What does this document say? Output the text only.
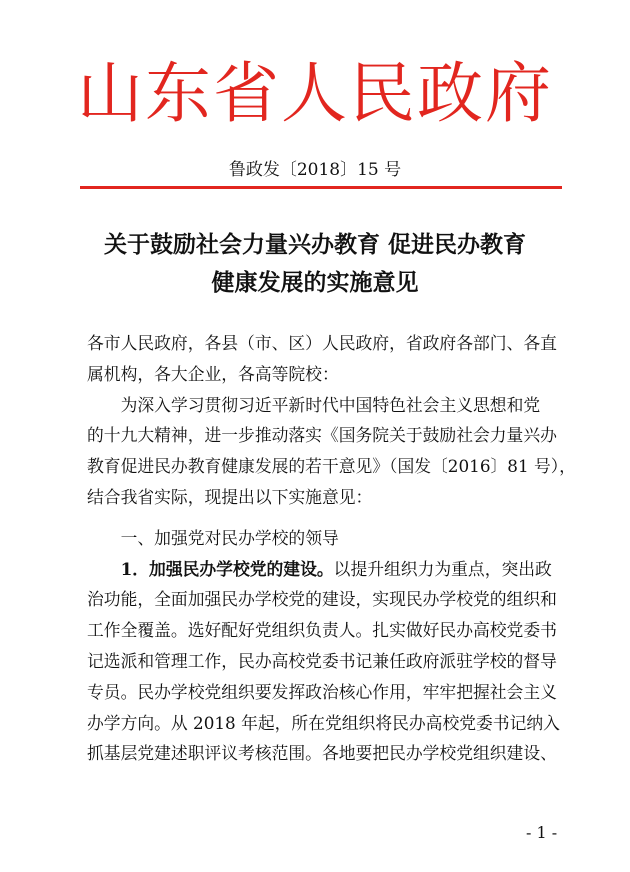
山东省人民政府
鲁政发〔2018〕15 号
关于鼓励社会力量兴办教育 促进民办教育
健康发展的实施意见
各市人民政府，各县（市、区）人民政府，省政府各部门、各直
属机构，各大企业，各高等院校：
为深入学习贯彻习近平新时代中国特色社会主义思想和党
的十九大精神，进一步推动落实《国务院关于鼓励社会力量兴办
教育促进民办教育健康发展的若干意见》（国发〔2016〕81 号），
结合我省实际，现提出以下实施意见：
一、加强党对民办学校的领导
1．加强民办学校党的建设。以提升组织力为重点，突出政
治功能，全面加强民办学校党的建设，实现民办学校党的组织和
工作全覆盖。选好配好党组织负责人。扎实做好民办高校党委书
记选派和管理工作，民办高校党委书记兼任政府派驻学校的督导
专员。民办学校党组织要发挥政治核心作用，牢牢把握社会主义
办学方向。从 2018 年起，所在党组织将民办高校党委书记纳入
抓基层党建述职评议考核范围。各地要把民办学校党组织建设、
- 1 -
